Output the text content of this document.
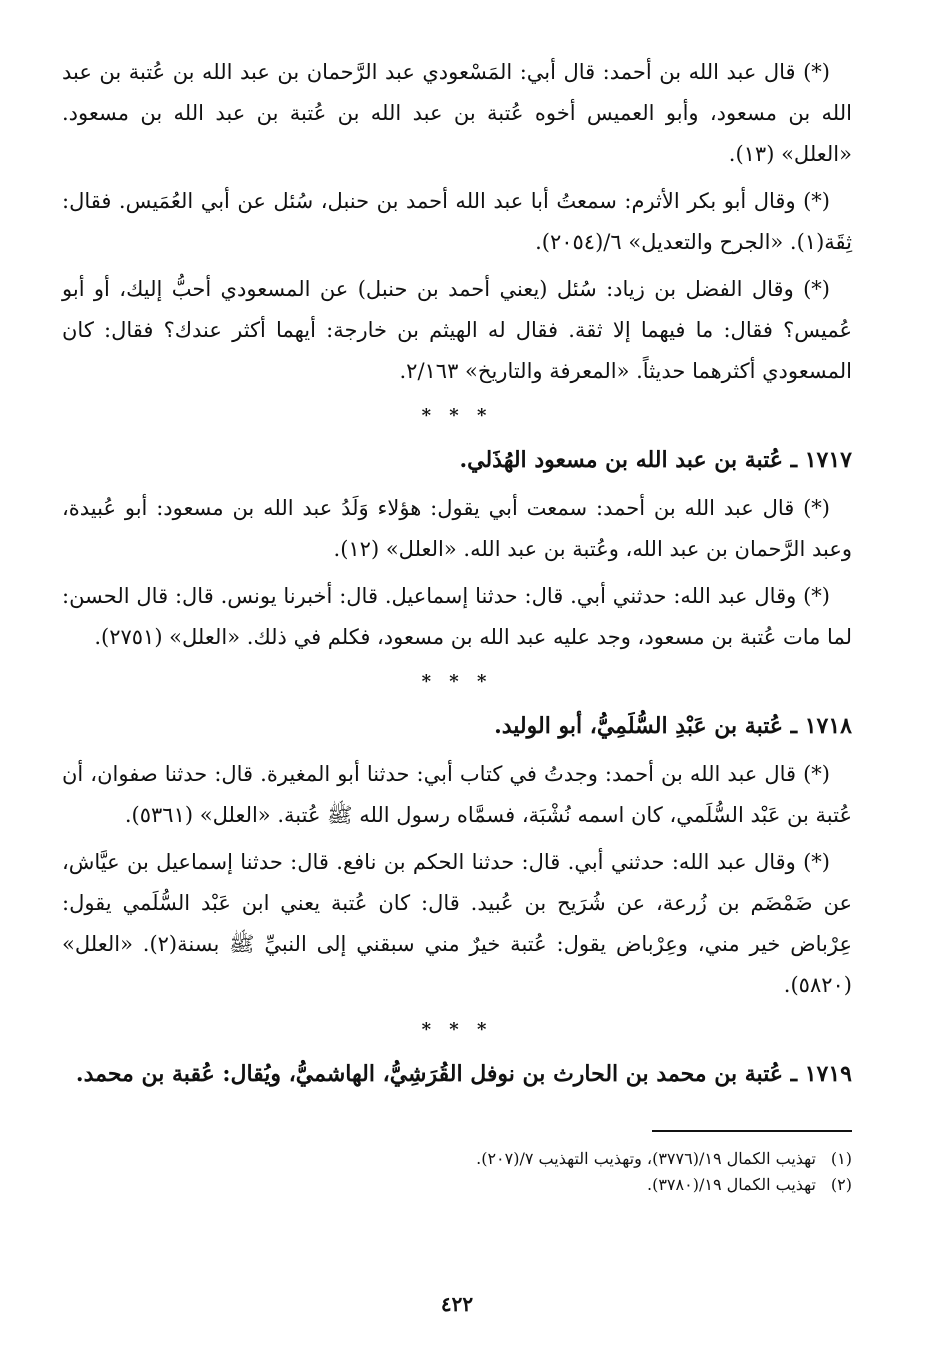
(*) قال عبد الله بن أحمد: قال أبي: المَسْعودي عبد الرَّحمان بن عبد الله بن عُتبة بن عبد الله بن مسعود، وأبو العميس أخوه عُتبة بن عبد الله بن عُتبة بن عبد الله بن مسعود. «العلل» (١٣).

(*) وقال أبو بكر الأثرم: سمعتُ أبا عبد الله أحمد بن حنبل، سُئل عن أبي العُمَيس. فقال: ثِقَة(١). «الجرح والتعديل» ٦/(٢٠٥٤).

(*) وقال الفضل بن زياد: سُئل (يعني أحمد بن حنبل) عن المسعودي أحبُّ إليك، أو أبو عُميس؟ فقال: ما فيهما إلا ثقة. فقال له الهيثم بن خارجة: أيهما أكثر عندك؟ فقال: كان المسعودي أكثرهما حديثاً. «المعرفة والتاريخ» ٢/١٦٣.

* * *
١٧١٧ ـ عُتبة بن عبد الله بن مسعود الهُذَلي.

(*) قال عبد الله بن أحمد: سمعت أبي يقول: هؤلاء وَلَدُ عبد الله بن مسعود: أبو عُبيدة، وعبد الرَّحمان بن عبد الله، وعُتبة بن عبد الله. «العلل» (١٢).

(*) وقال عبد الله: حدثني أبي. قال: حدثنا إسماعيل. قال: أخبرنا يونس. قال: قال الحسن: لما مات عُتبة بن مسعود، وجد عليه عبد الله بن مسعود، فكلم في ذلك. «العلل» (٢٧٥١).

* * *
١٧١٨ ـ عُتبة بن عَبْدِ السُّلَمِيُّ، أبو الوليد.

(*) قال عبد الله بن أحمد: وجدتُ في كتاب أبي: حدثنا أبو المغيرة. قال: حدثنا صفوان، أن عُتبة بن عَبْد السُّلَمي، كان اسمه نُشْبَة، فسمَّاه رسول الله ﷺ عُتبة. «العلل» (٥٣٦١).

(*) وقال عبد الله: حدثني أبي. قال: حدثنا الحكم بن نافع. قال: حدثنا إسماعيل بن عيَّاش، عن ضَمْضَم بن زُرعة، عن شُرَيح بن عُبيد. قال: كان عُتبة يعني ابن عَبْد السُّلَمي يقول: عِرْباض خير مني، وعِرْباض يقول: عُتبة خيرٌ مني سبقني إلى النبيِّ ﷺ بسنة(٢). «العلل» (٥٨٢٠).

* * *
١٧١٩ ـ عُتبة بن محمد بن الحارث بن نوفل القُرَشِيُّ، الهاشميُّ، ويُقال: عُقبة بن محمد.

(١)تهذيب الكمال ١٩/(٣٧٧٦)، وتهذيب التهذيب ٧/(٢٠٧).

(٢)تهذيب الكمال ١٩/(٣٧٨٠).

٤٢٢
